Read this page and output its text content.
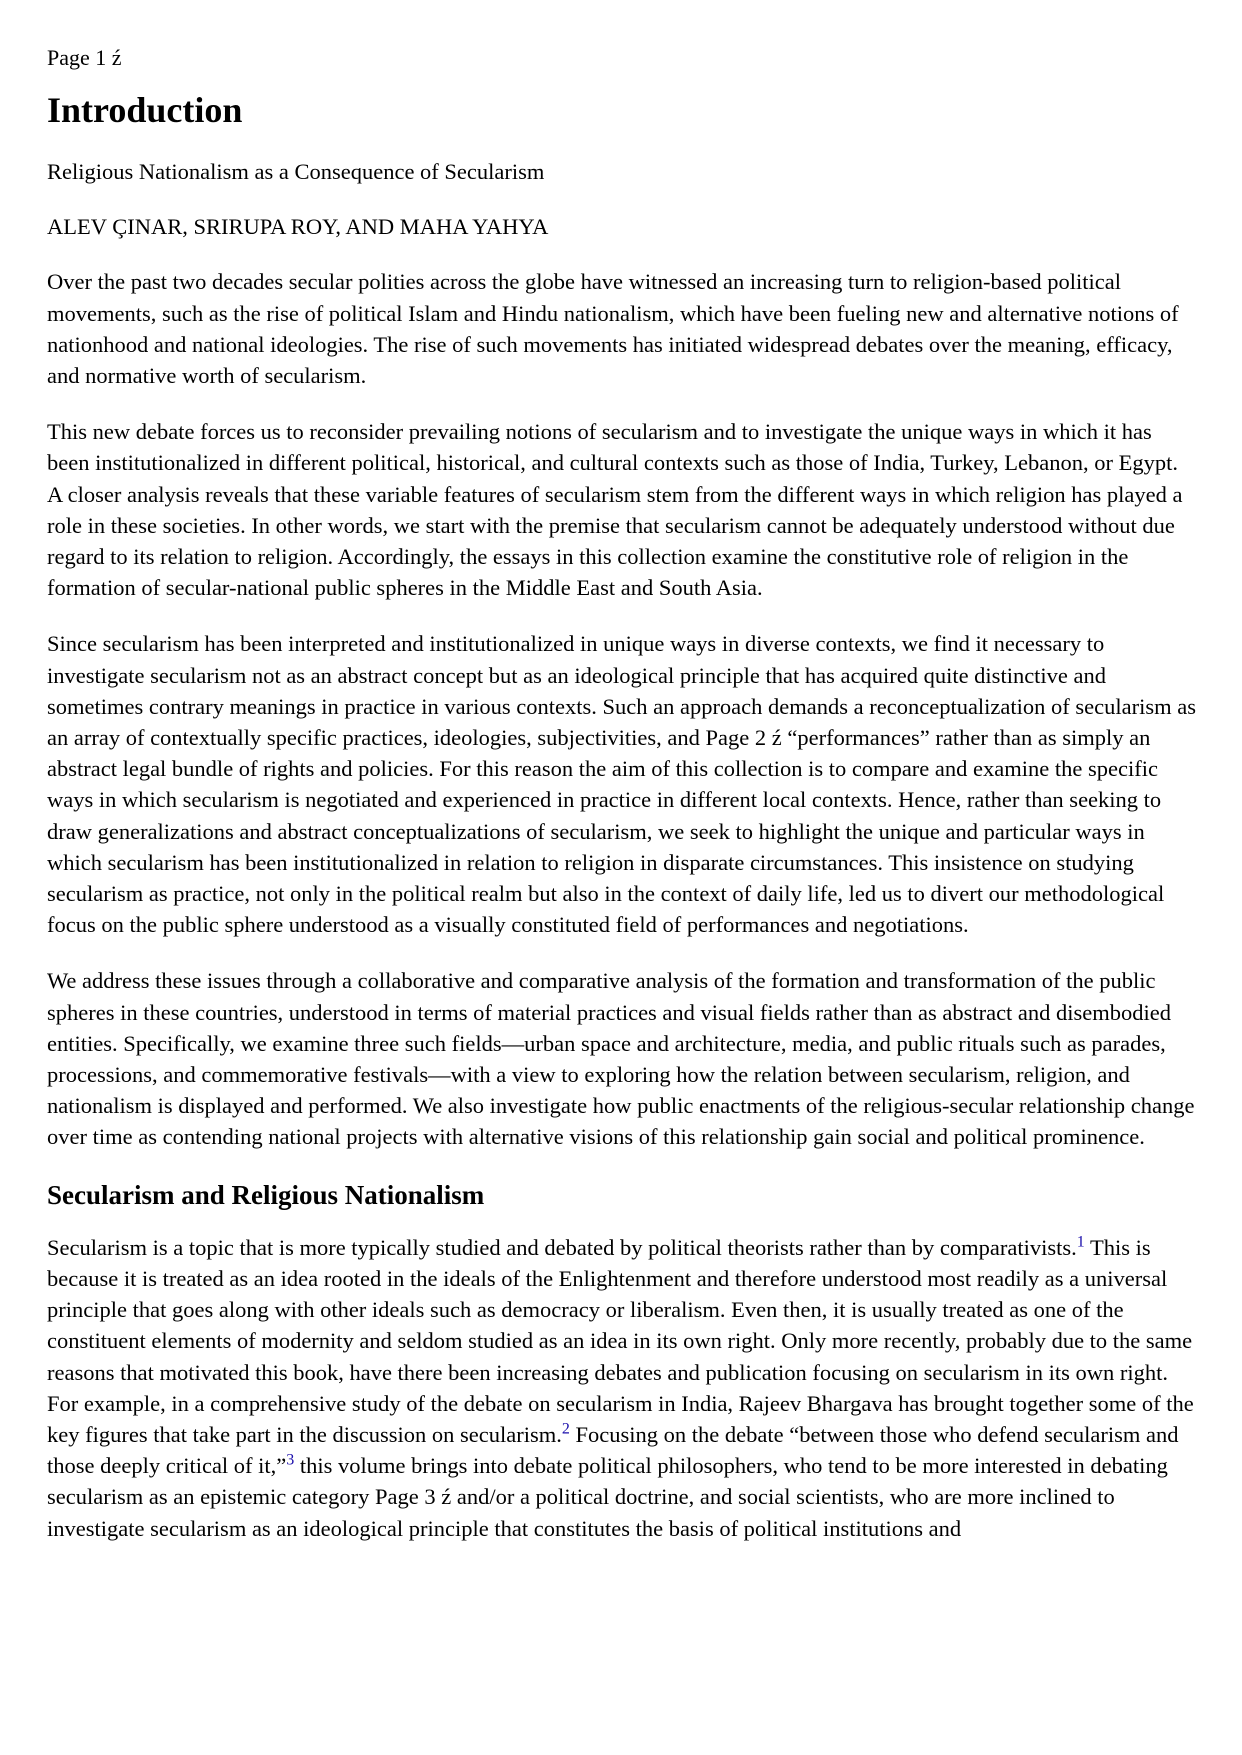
Page 1 ź
Introduction

Religious Nationalism as a Consequence of Secularism

ALEV ÇINAR, SRIRUPA ROY, AND MAHA YAHYA

Over the past two decades secular polities across the globe have witnessed an increasing turn to religion-based political movements, such as the rise of political Islam and Hindu nationalism, which have been fueling new and alternative notions of nationhood and national ideologies. The rise of such movements has initiated widespread debates over the meaning, efficacy, and normative worth of secularism.

This new debate forces us to reconsider prevailing notions of secularism and to investigate the unique ways in which it has been institutionalized in different political, historical, and cultural contexts such as those of India, Turkey, Lebanon, or Egypt. A closer analysis reveals that these variable features of secularism stem from the different ways in which religion has played a role in these societies. In other words, we start with the premise that secularism cannot be adequately understood without due regard to its relation to religion. Accordingly, the essays in this collection examine the constitutive role of religion in the formation of secular-national public spheres in the Middle East and South Asia.

Since secularism has been interpreted and institutionalized in unique ways in diverse contexts, we find it necessary to investigate secularism not as an abstract concept but as an ideological principle that has acquired quite distinctive and sometimes contrary meanings in practice in various contexts. Such an approach demands a reconceptualization of secularism as an array of contextually specific practices, ideologies, subjectivities, and Page 2 ź “performances” rather than as simply an abstract legal bundle of rights and policies. For this reason the aim of this collection is to compare and examine the specific ways in which secularism is negotiated and experienced in practice in different local contexts. Hence, rather than seeking to draw generalizations and abstract conceptualizations of secularism, we seek to highlight the unique and particular ways in which secularism has been institutionalized in relation to religion in disparate circumstances. This insistence on studying secularism as practice, not only in the political realm but also in the context of daily life, led us to divert our methodological focus on the public sphere understood as a visually constituted field of performances and negotiations.

We address these issues through a collaborative and comparative analysis of the formation and transformation of the public spheres in these countries, understood in terms of material practices and visual fields rather than as abstract and disembodied entities. Specifically, we examine three such fields—urban space and architecture, media, and public rituals such as parades, processions, and commemorative festivals—with a view to exploring how the relation between secularism, religion, and nationalism is displayed and performed. We also investigate how public enactments of the religious-secular relationship change over time as contending national projects with alternative visions of this relationship gain social and political prominence.

Secularism and Religious Nationalism

Secularism is a topic that is more typically studied and debated by political theorists rather than by comparativists.$^1$ This is because it is treated as an idea rooted in the ideals of the Enlightenment and therefore understood most readily as a universal principle that goes along with other ideals such as democracy or liberalism. Even then, it is usually treated as one of the constituent elements of modernity and seldom studied as an idea in its own right. Only more recently, probably due to the same reasons that motivated this book, have there been increasing debates and publication focusing on secularism in its own right. For example, in a comprehensive study of the debate on secularism in India, Rajeev Bhargava has brought together some of the key figures that take part in the discussion on secularism.$^2$ Focusing on the debate “between those who defend secularism and those deeply critical of it,”$^3$ this volume brings into debate political philosophers, who tend to be more interested in debating secularism as an epistemic category Page 3 ź and/or a political doctrine, and social scientists, who are more inclined to investigate secularism as an ideological principle that constitutes the basis of political institutions and
